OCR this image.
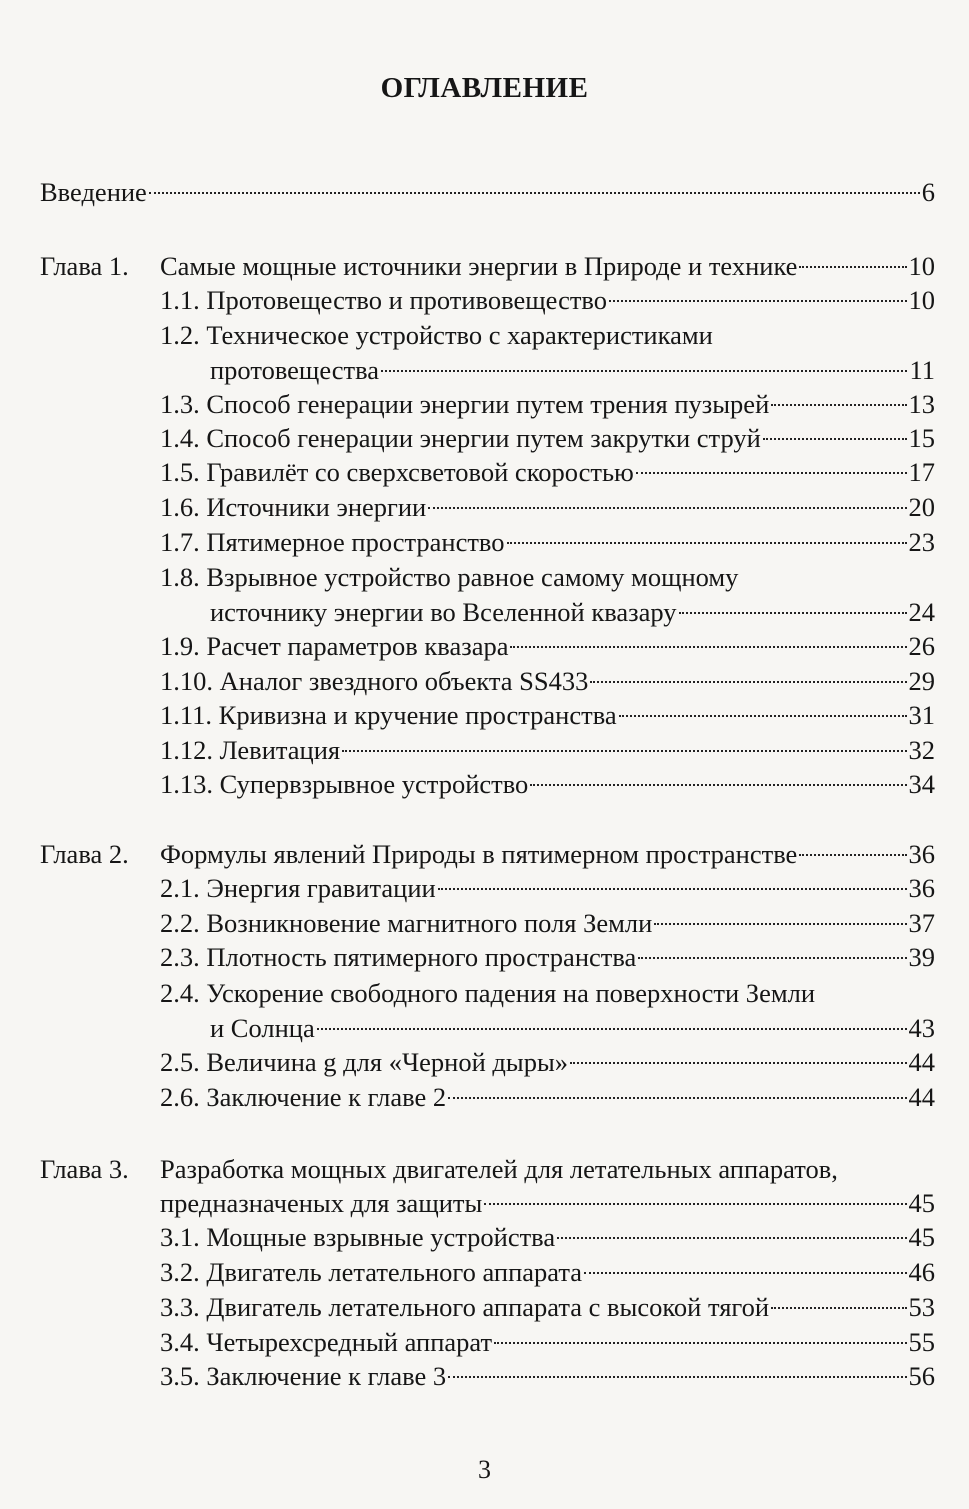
ОГЛАВЛЕНИЕ
Введение	6
Глава 1. Самые мощные источники энергии в Природе и технике	10
1.1. Протовещество и противовещество	10
1.2. Техническое устройство с характеристиками
протовещества	11
1.3. Способ генерации энергии путем трения пузырей	13
1.4. Способ генерации энергии путем закрутки струй	15
1.5. Гравилёт со сверхсветовой скоростью	17
1.6. Источники энергии	20
1.7. Пятимерное пространство	23
1.8. Взрывное устройство равное самому мощному
источнику энергии во Вселенной квазару	24
1.9. Расчет параметров квазара	26
1.10. Аналог звездного объекта SS433	29
1.11. Кривизна и кручение пространства	31
1.12. Левитация	32
1.13. Супервзрывное устройство	34
Глава 2. Формулы явлений Природы в пятимерном пространстве	36
2.1. Энергия гравитации	36
2.2. Возникновение магнитного поля Земли	37
2.3. Плотность пятимерного пространства	39
2.4. Ускорение свободного падения на поверхности Земли
и Солнца	43
2.5. Величина g для «Черной дыры»	44
2.6. Заключение к главе 2	44
Глава 3. Разработка мощных двигателей для летательных аппаратов,
предназначеных для защиты	45
3.1. Мощные взрывные устройства	45
3.2. Двигатель летательного аппарата	46
3.3. Двигатель летательного аппарата с высокой тягой	53
3.4. Четырехсредный аппарат	55
3.5. Заключение к главе 3	56
3
